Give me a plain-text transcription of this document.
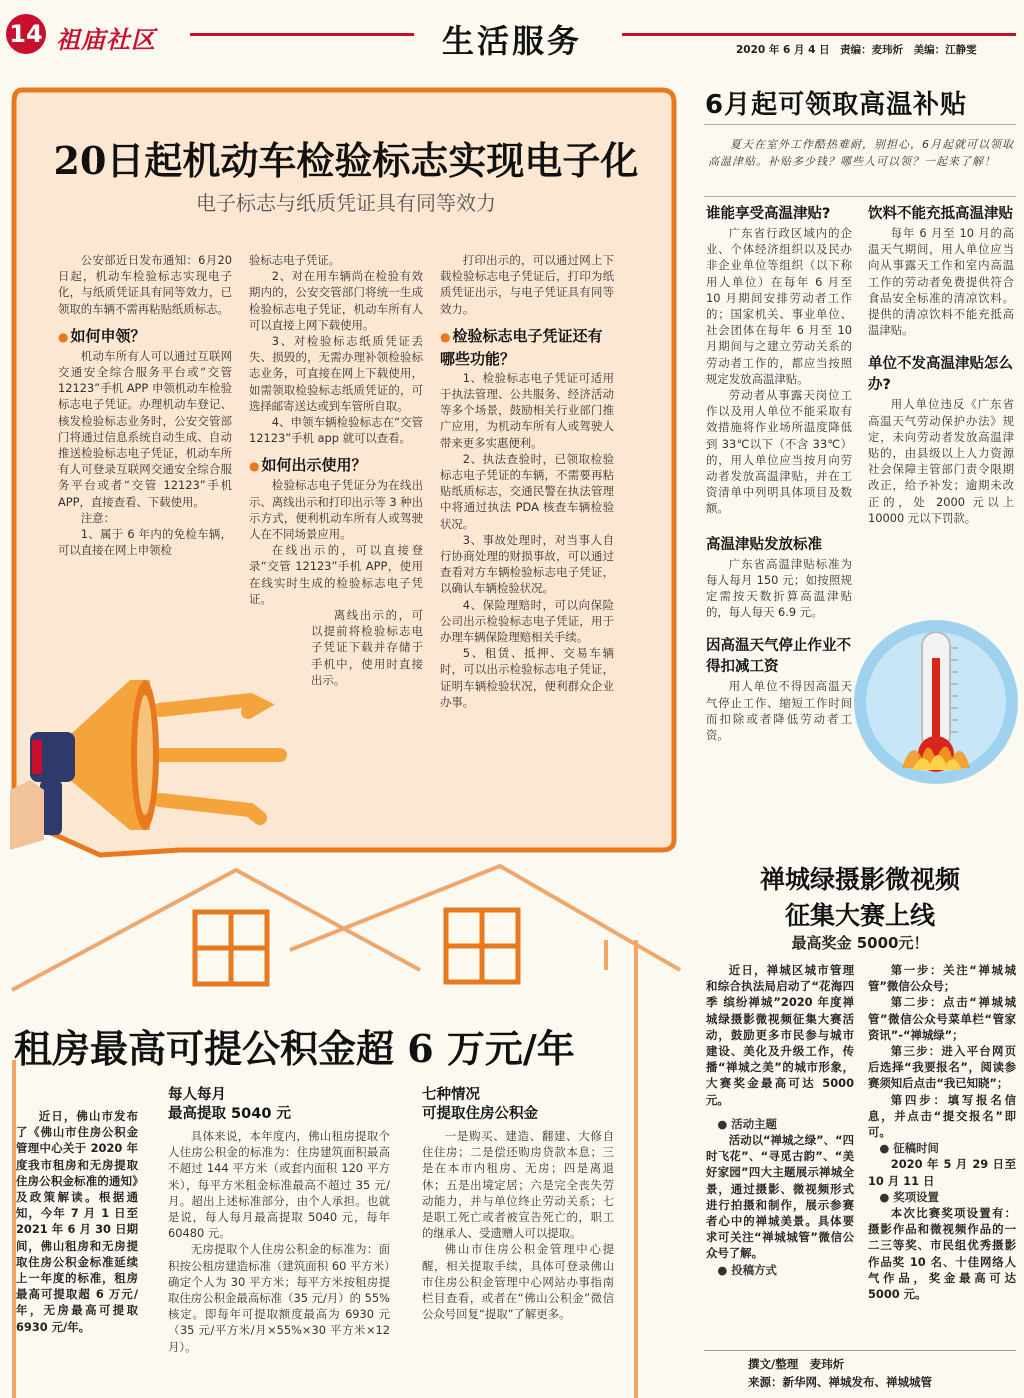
14 祖庙社区	生活服务	2020 年 6 月 4 日　责编：麦玮炘　美编：江静雯
20日起机动车检验标志实现电子化
电子标志与纸质凭证具有同等效力

公安部近日发布通知：6月20日起，机动车检验标志实现电子化，与纸质凭证具有同等效力，已领取的车辆不需再粘贴纸质标志。

● 如何申领？

机动车所有人可以通过互联网交通安全综合服务平台或“交管 12123”手机 APP 申领机动车检验标志电子凭证。办理机动车登记、核发检验标志业务时，公安交管部门将通过信息系统自动生成、自动推送检验标志电子凭证，机动车所有人可登录互联网交通安全综合服务平台或者“交管 12123”手机 APP，直接查看、下载使用。

注意：

1、属于 6 年内的免检车辆，可以直接在网上申领检

验标志电子凭证。

2、对在用车辆尚在检验有效期内的，公安交管部门将统一生成检验标志电子凭证，机动车所有人可以直接上网下载使用。

3、对检验标志纸质凭证丢失、损毁的，无需办理补领检验标志业务，可直接在网上下载使用，如需领取检验标志纸质凭证的，可选择邮寄送达或到车管所自取。

4、申领车辆检验标志在“交管 12123”手机 app 就可以查看。

● 如何出示使用？

检验标志电子凭证分为在线出示、离线出示和打印出示等 3 种出示方式，便利机动车所有人或驾驶人在不同场景应用。

在线出示的，可以直接登录“交管 12123”手机 APP，使用在线实时生成的检验标志电子凭证。

离线出示的，可以提前将检验标志电子凭证下载并存储于手机中，使用时直接出示。

打印出示的，可以通过网上下载检验标志电子凭证后，打印为纸质凭证出示，与电子凭证具有同等效力。

● 检验标志电子凭证还有哪些功能？

1、检验标志电子凭证可适用于执法管理、公共服务、经济活动等多个场景，鼓励相关行业部门推广应用，为机动车所有人或驾驶人带来更多实惠便利。

2、执法查验时，已领取检验标志电子凭证的车辆，不需要再粘贴纸质标志，交通民警在执法管理中将通过执法 PDA 核查车辆检验状况。

3、事故处理时，对当事人自行协商处理的财损事故，可以通过查看对方车辆检验标志电子凭证，以确认车辆检验状况。

4、保险理赔时，可以向保险公司出示检验标志电子凭证，用于办理车辆保险理赔相关手续。

5、租赁、抵押、交易车辆时，可以出示检验标志电子凭证，证明车辆检验状况，便利群众企业办事。

6月起可领取高温补贴
夏天在室外工作酷热难耐，别担心，6月起就可以领取高温津贴。补贴多少钱？哪些人可以领？一起来了解！
谁能享受高温津贴?

广东省行政区域内的企业、个体经济组织以及民办非企业单位等组织（以下称用人单位）在每年 6 月至 10 月期间安排劳动者工作的；国家机关、事业单位、社会团体在每年 6 月至 10 月期间与之建立劳动关系的劳动者工作的，都应当按照规定发放高温津贴。

劳动者从事露天岗位工作以及用人单位不能采取有效措施将作业场所温度降低到 33℃以下（不含 33℃）的，用人单位应当按月向劳动者发放高温津贴，并在工资清单中列明具体项目及数额。

高温津贴发放标准

广东省高温津贴标准为每人每月 150 元；如按照规定需按天数折算高温津贴的，每人每天 6.9 元。

因高温天气停止作业不得扣减工资

用人单位不得因高温天气停止工作、缩短工作时间而扣除或者降低劳动者工资。

饮料不能充抵高温津贴

每年 6 月至 10 月的高温天气期间，用人单位应当向从事露天工作和室内高温工作的劳动者免费提供符合食品安全标准的清凉饮料。提供的清凉饮料不能充抵高温津贴。

单位不发高温津贴怎么办?

用人单位违反《广东省高温天气劳动保护办法》规定，未向劳动者发放高温津贴的，由县级以上人力资源社会保障主管部门责令限期改正，给予补发；逾期未改正的，处 2000 元以上10000 元以下罚款。

禅城绿摄影微视频
征集大赛上线
最高奖金 5000元！

近日，禅城区城市管理和综合执法局启动了“花海四季 缤纷禅城”2020 年度禅城绿摄影微视频征集大赛活动，鼓励更多市民参与城市建设、美化及升级工作，传播“禅城之美”的城市形象，大赛奖金最高可达 5000 元。

● 活动主题

活动以“禅城之绿”、“四时飞花”、“寻觅古韵”、“美好家园”四大主题展示禅城全景，通过摄影、微视频形式进行拍摄和制作，展示参赛者心中的禅城美景。具体要求可关注“禅城城管”微信公众号了解。

● 投稿方式

第一步：关注“禅城城管”微信公众号；

第二步：点击“禅城城管”微信公众号菜单栏“管家资讯”-“禅城绿”；

第三步：进入平台网页后选择“我要报名”，阅读参赛须知后点击“我已知晓”；

第四步：填写报名信息，并点击“提交报名”即可。

● 征稿时间

2020 年 5 月 29 日至 10 月 11 日

● 奖项设置

本次比赛奖项设置有：摄影作品和微视频作品的一二三等奖、市民组优秀摄影作品奖 10 名、十佳网络人气作品，奖金最高可达 5000 元。

撰文/整理　麦玮炘
来源：新华网、禅城发布、禅城城管
租房最高可提公积金超 6 万元/年

近日，佛山市发布了《佛山市住房公积金管理中心关于 2020 年度我市租房和无房提取住房公积金标准的通知》及政策解读。根据通知，今年 7 月 1 日至 2021 年 6 月 30 日期间，佛山租房和无房提取住房公积金标准延续上一年度的标准，租房最高可提取超 6 万元/年，无房最高可提取 6930 元/年。

每人每月
最高提取 5040 元

具体来说，本年度内，佛山租房提取个人住房公积金的标准为：住房建筑面积最高不超过 144 平方米（或套内面积 120 平方米），每平方米租金标准最高不超过 35 元/月。超出上述标准部分，由个人承担。也就是说，每人每月最高提取 5040 元，每年 60480 元。

无房提取个人住房公积金的标准为：面积按公租房建造标准（建筑面积 60 平方米）确定个人为 30 平方米；每平方米按租房提取住房公积金最高标准（35 元/月）的 55%核定。即每年可提取额度最高为 6930 元（35 元/平方米/月×55%×30 平方米×12 月）。

七种情况
可提取住房公积金

一是购买、建造、翻建、大修自住住房；二是偿还购房贷款本息；三是在本市内租房、无房；四是离退休；五是出境定居；六是完全丧失劳动能力，并与单位终止劳动关系；七是职工死亡或者被宣告死亡的，职工的继承人、受遗赠人可以提取。

佛山市住房公积金管理中心提醒，相关提取手续，具体可登录佛山市住房公积金管理中心网站办事指南栏目查看，或者在“佛山公积金”微信公众号回复“提取”了解更多。
